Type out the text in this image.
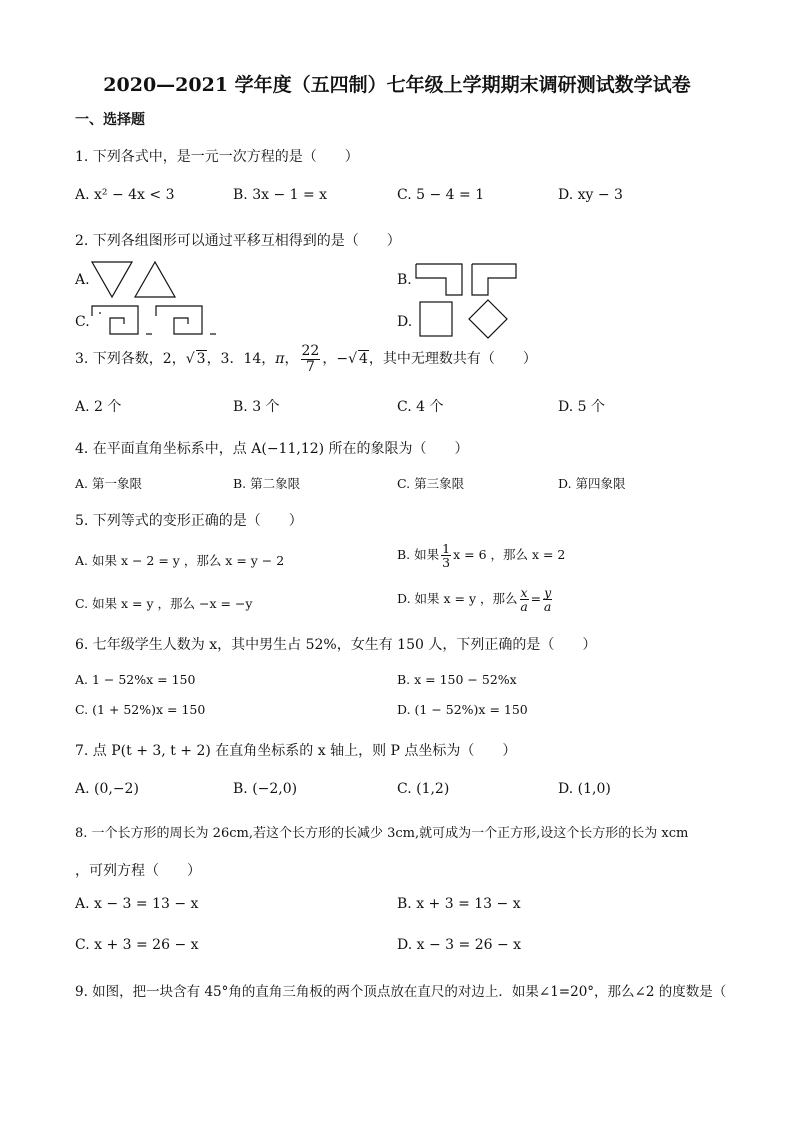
2020—2021 学年度（五四制）七年级上学期期末调研测试数学试卷
一、选择题
1. 下列各式中，是一元一次方程的是（　　）
A. x² − 4x < 3	B. 3x − 1 = x	C. 5 − 4 = 1	D. xy − 3
2. 下列各组图形可以通过平移互相得到的是（　　）
A.	B.
C.	D.
3. 下列各数，2，√ 3，3．14，π， $\frac{22}{7}$ ，−√ 4，其中无理数共有（　　）
A. 2 个	B. 3 个	C. 4 个	D. 5 个
4. 在平面直角坐标系中，点 A(−11,12) 所在的象限为（　　）
A. 第一象限	B. 第二象限	C. 第三象限	D. 第四象限
5. 下列等式的变形正确的是（　　）
A. 如果 x − 2 = y ，那么 x = y − 2	B. 如果 $\frac{1}{3}$ x = 6 ，那么 x = 2
C. 如果 x = y ，那么 −x = −y	D. 如果 x = y ，那么 $\frac{x}{a} = \frac{y}{a}$
6. 七年级学生人数为 x，其中男生占 52%，女生有 150 人，下列正确的是（　　）
A. 1 − 52%x = 150	B. x = 150 − 52%x
C. (1 + 52%)x = 150	D. (1 − 52%)x = 150
7. 点 P(t + 3, t + 2) 在直角坐标系的 x 轴上，则 P 点坐标为（　　）
A. (0,−2)	B. (−2,0)	C. (1,2)	D. (1,0)
8. 一个长方形的周长为 26cm,若这个长方形的长减少 3cm,就可成为一个正方形,设这个长方形的长为 xcm
，可列方程（　　）
A. x − 3 = 13 − x	B. x + 3 = 13 − x
C. x + 3 = 26 − x	D. x − 3 = 26 − x
9. 如图，把一块含有 45°角的直角三角板的两个顶点放在直尺的对边上．如果∠1=20°，那么∠2 的度数是（
